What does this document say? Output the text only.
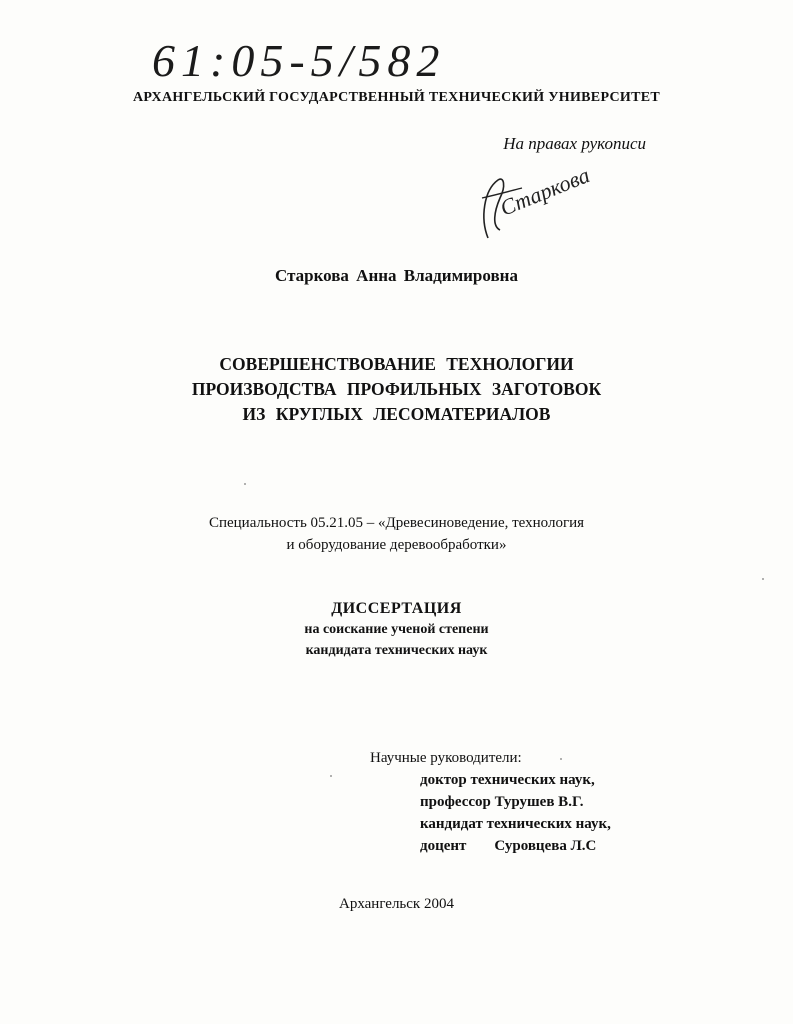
61:05-5/582
АРХАНГЕЛЬСКИЙ ГОСУДАРСТВЕННЫЙ ТЕХНИЧЕСКИЙ УНИВЕРСИТЕТ
На правах рукописи
Старкова
Старкова Анна Владимировна
СОВЕРШЕНСТВОВАНИЕ ТЕХНОЛОГИИ
ПРОИЗВОДСТВА ПРОФИЛЬНЫХ ЗАГОТОВОК
ИЗ КРУГЛЫХ ЛЕСОМАТЕРИАЛОВ
Специальность 05.21.05 – «Древесиноведение, технология
и оборудование деревообработки»
ДИССЕРТАЦИЯ
на соискание ученой степени
кандидата технических наук
Научные руководители:
доктор технических наук,
профессор Турушев В.Г.
кандидат технических наук,
доцент Суровцева Л.С
Архангельск 2004
